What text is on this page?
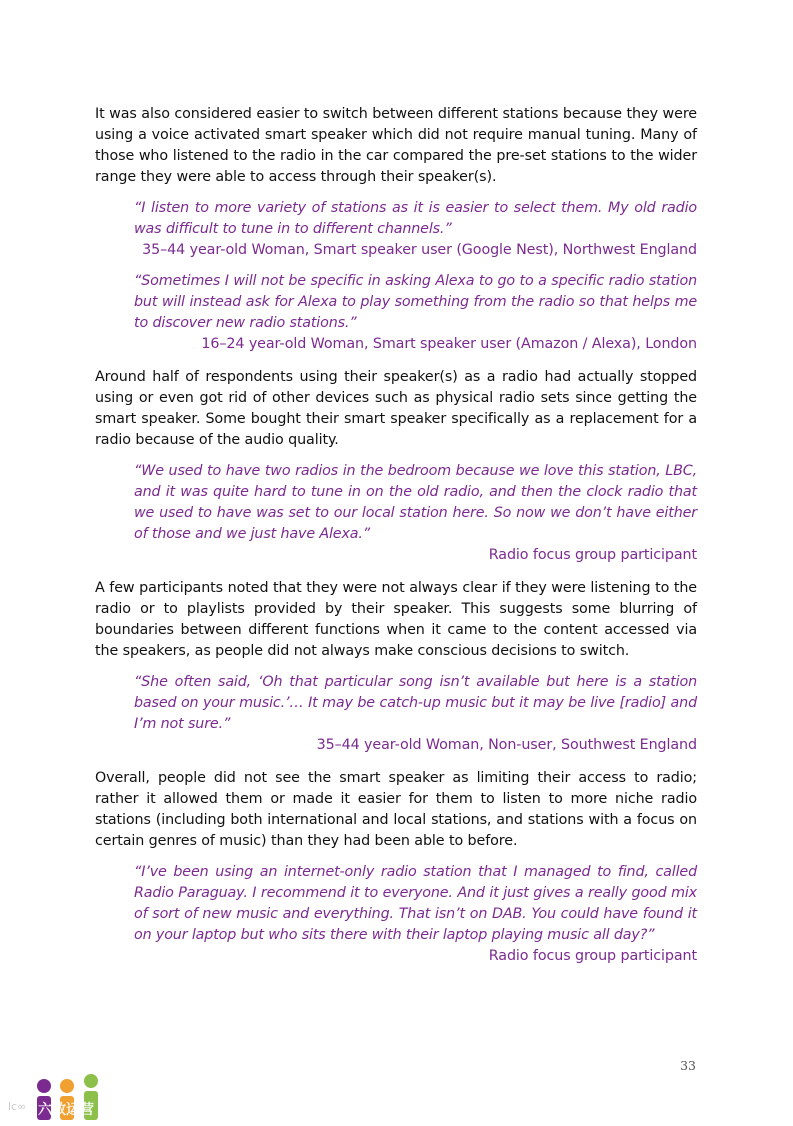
It was also considered easier to switch between different stations because they were using a voice activated smart speaker which did not require manual tuning. Many of those who listened to the radio in the car compared the pre-set stations to the wider range they were able to access through their speaker(s).

“I listen to more variety of stations as it is easier to select them. My old radio was difficult to tune in to different channels.”

35–44 year-old Woman, Smart speaker user (Google Nest), Northwest England

“Sometimes I will not be specific in asking Alexa to go to a specific radio station but will instead ask for Alexa to play something from the radio so that helps me to discover new radio stations.”

16–24 year-old Woman, Smart speaker user (Amazon / Alexa), London

Around half of respondents using their speaker(s) as a radio had actually stopped using or even got rid of other devices such as physical radio sets since getting the smart speaker. Some bought their smart speaker specifically as a replacement for a radio because of the audio quality.

“We used to have two radios in the bedroom because we love this station, LBC, and it was quite hard to tune in on the old radio, and then the clock radio that we used to have was set to our local station here. So now we don’t have either of those and we just have Alexa.”

Radio focus group participant

A few participants noted that they were not always clear if they were listening to the radio or to playlists provided by their speaker. This suggests some blurring of boundaries between different functions when it came to the content accessed via the speakers, as people did not always make conscious decisions to switch.

“She often said, ‘Oh that particular song isn’t available but here is a station based on your music.’… It may be catch-up music but it may be live [radio] and I’m not sure.”

35–44 year-old Woman, Non-user, Southwest England

Overall, people did not see the smart speaker as limiting their access to radio; rather it allowed them or made it easier for them to listen to more niche radio stations (including both international and local stations, and stations with a focus on certain genres of music) than they had been able to before.

“I’ve been using an internet-only radio station that I managed to find, called Radio Paraguay. I recommend it to everyone. And it just gives a really good mix of sort of new music and everything. That isn’t on DAB. You could have found it on your laptop but who sits there with their laptop playing music all day?”

Radio focus group participant

33
lc∞ 六数运营
